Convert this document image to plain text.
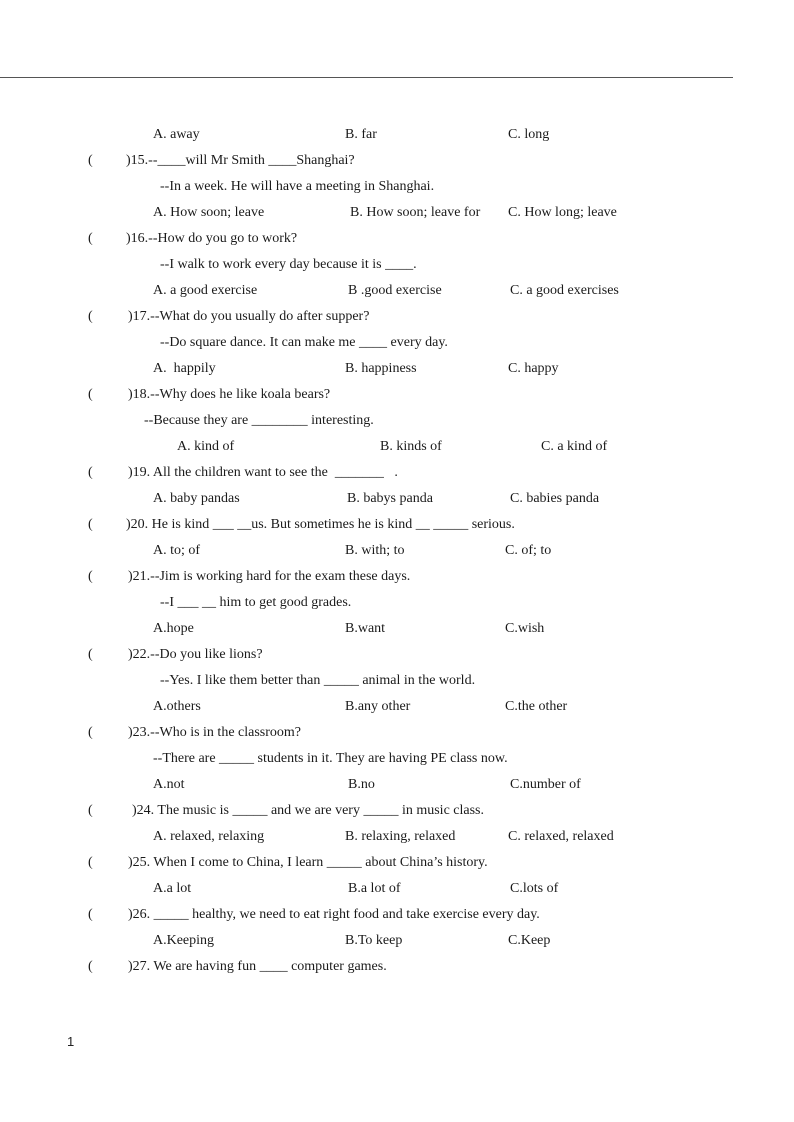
A. away	B. far	C. long
( )15.--____will Mr Smith ____Shanghai?
--In a week. He will have a meeting in Shanghai.
A. How soon; leave	B. How soon; leave for C. How long; leave
( )16.--How do you go to work?
--I walk to work every day because it is ____.
A. a good exercise	B .good exercise	C. a good exercises
(	)17.--What do you usually do after supper?
--Do square dance. It can make me ____ every day.
A.  happily	B. happiness	C. happy
(	)18.--Why does he like koala bears?
--Because they are ________ interesting.
A. kind of	B. kinds of	C. a kind of
(	)19. All the children want to see the  _______   .
A. baby pandas	B. babys panda	C. babies panda
( )20. He is kind ___ __us. But sometimes he is kind __ _____ serious.
A. to; of	B. with; to	C. of; to
(	)21.--Jim is working hard for the exam these days.
--I ___ __ him to get good grades.
A.hope	B.want	C.wish
(	)22.--Do you like lions?
--Yes. I like them better than _____ animal in the world.
A.others	B.any other	C.the other
(	)23.--Who is in the classroom?
--There are _____ students in it. They are having PE class now.
A.not	B.no	C.number of
(	)24. The music is _____ and we are very _____ in music class.
A. relaxed, relaxing	B. relaxing, relaxed	C. relaxed, relaxed
(	)25. When I come to China, I learn _____ about China’s history.
A.a lot	B.a lot of	C.lots of
(	)26. _____ healthy, we need to eat right food and take exercise every day.
A.Keeping	B.To keep	C.Keep
(	)27. We are having fun ____ computer games.
1
